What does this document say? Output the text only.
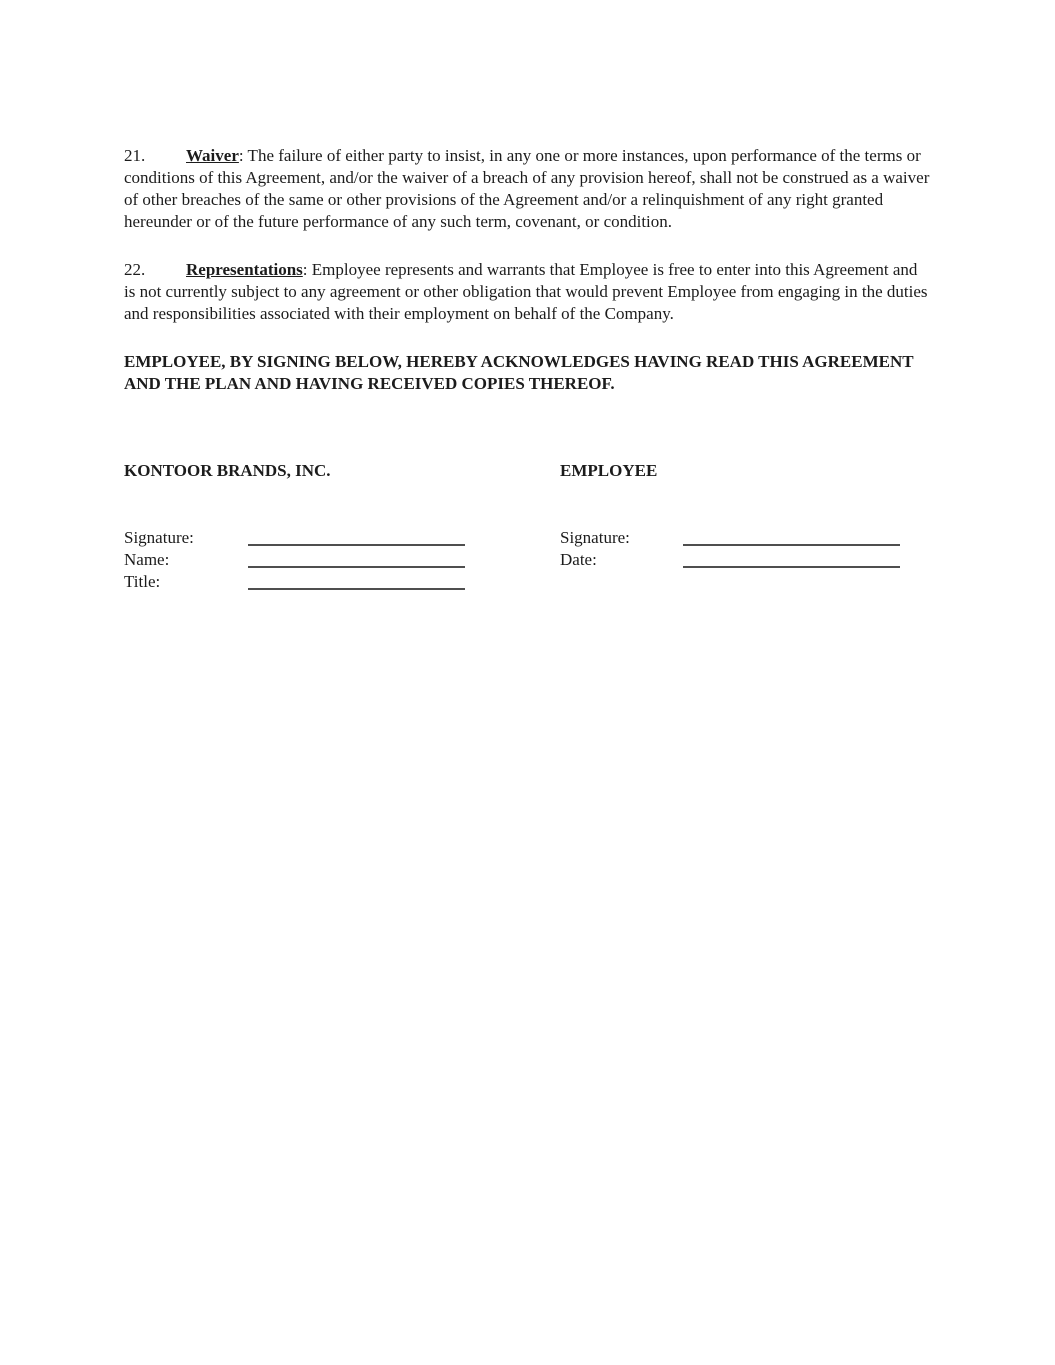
21. Waiver: The failure of either party to insist, in any one or more instances, upon performance of the terms or conditions of this Agreement, and/or the waiver of a breach of any provision hereof, shall not be construed as a waiver of other breaches of the same or other provisions of the Agreement and/or a relinquishment of any right granted hereunder or of the future performance of any such term, covenant, or condition.

22. Representations: Employee represents and warrants that Employee is free to enter into this Agreement and is not currently subject to any agreement or other obligation that would prevent Employee from engaging in the duties and responsibilities associated with their employment on behalf of the Company.

EMPLOYEE, BY SIGNING BELOW, HEREBY ACKNOWLEDGES HAVING READ THIS AGREEMENT AND THE PLAN AND HAVING RECEIVED COPIES THEREOF.

KONTOOR BRANDS, INC.	EMPLOYEE
Signature:
Name:
Title:
Signature:
Date:
